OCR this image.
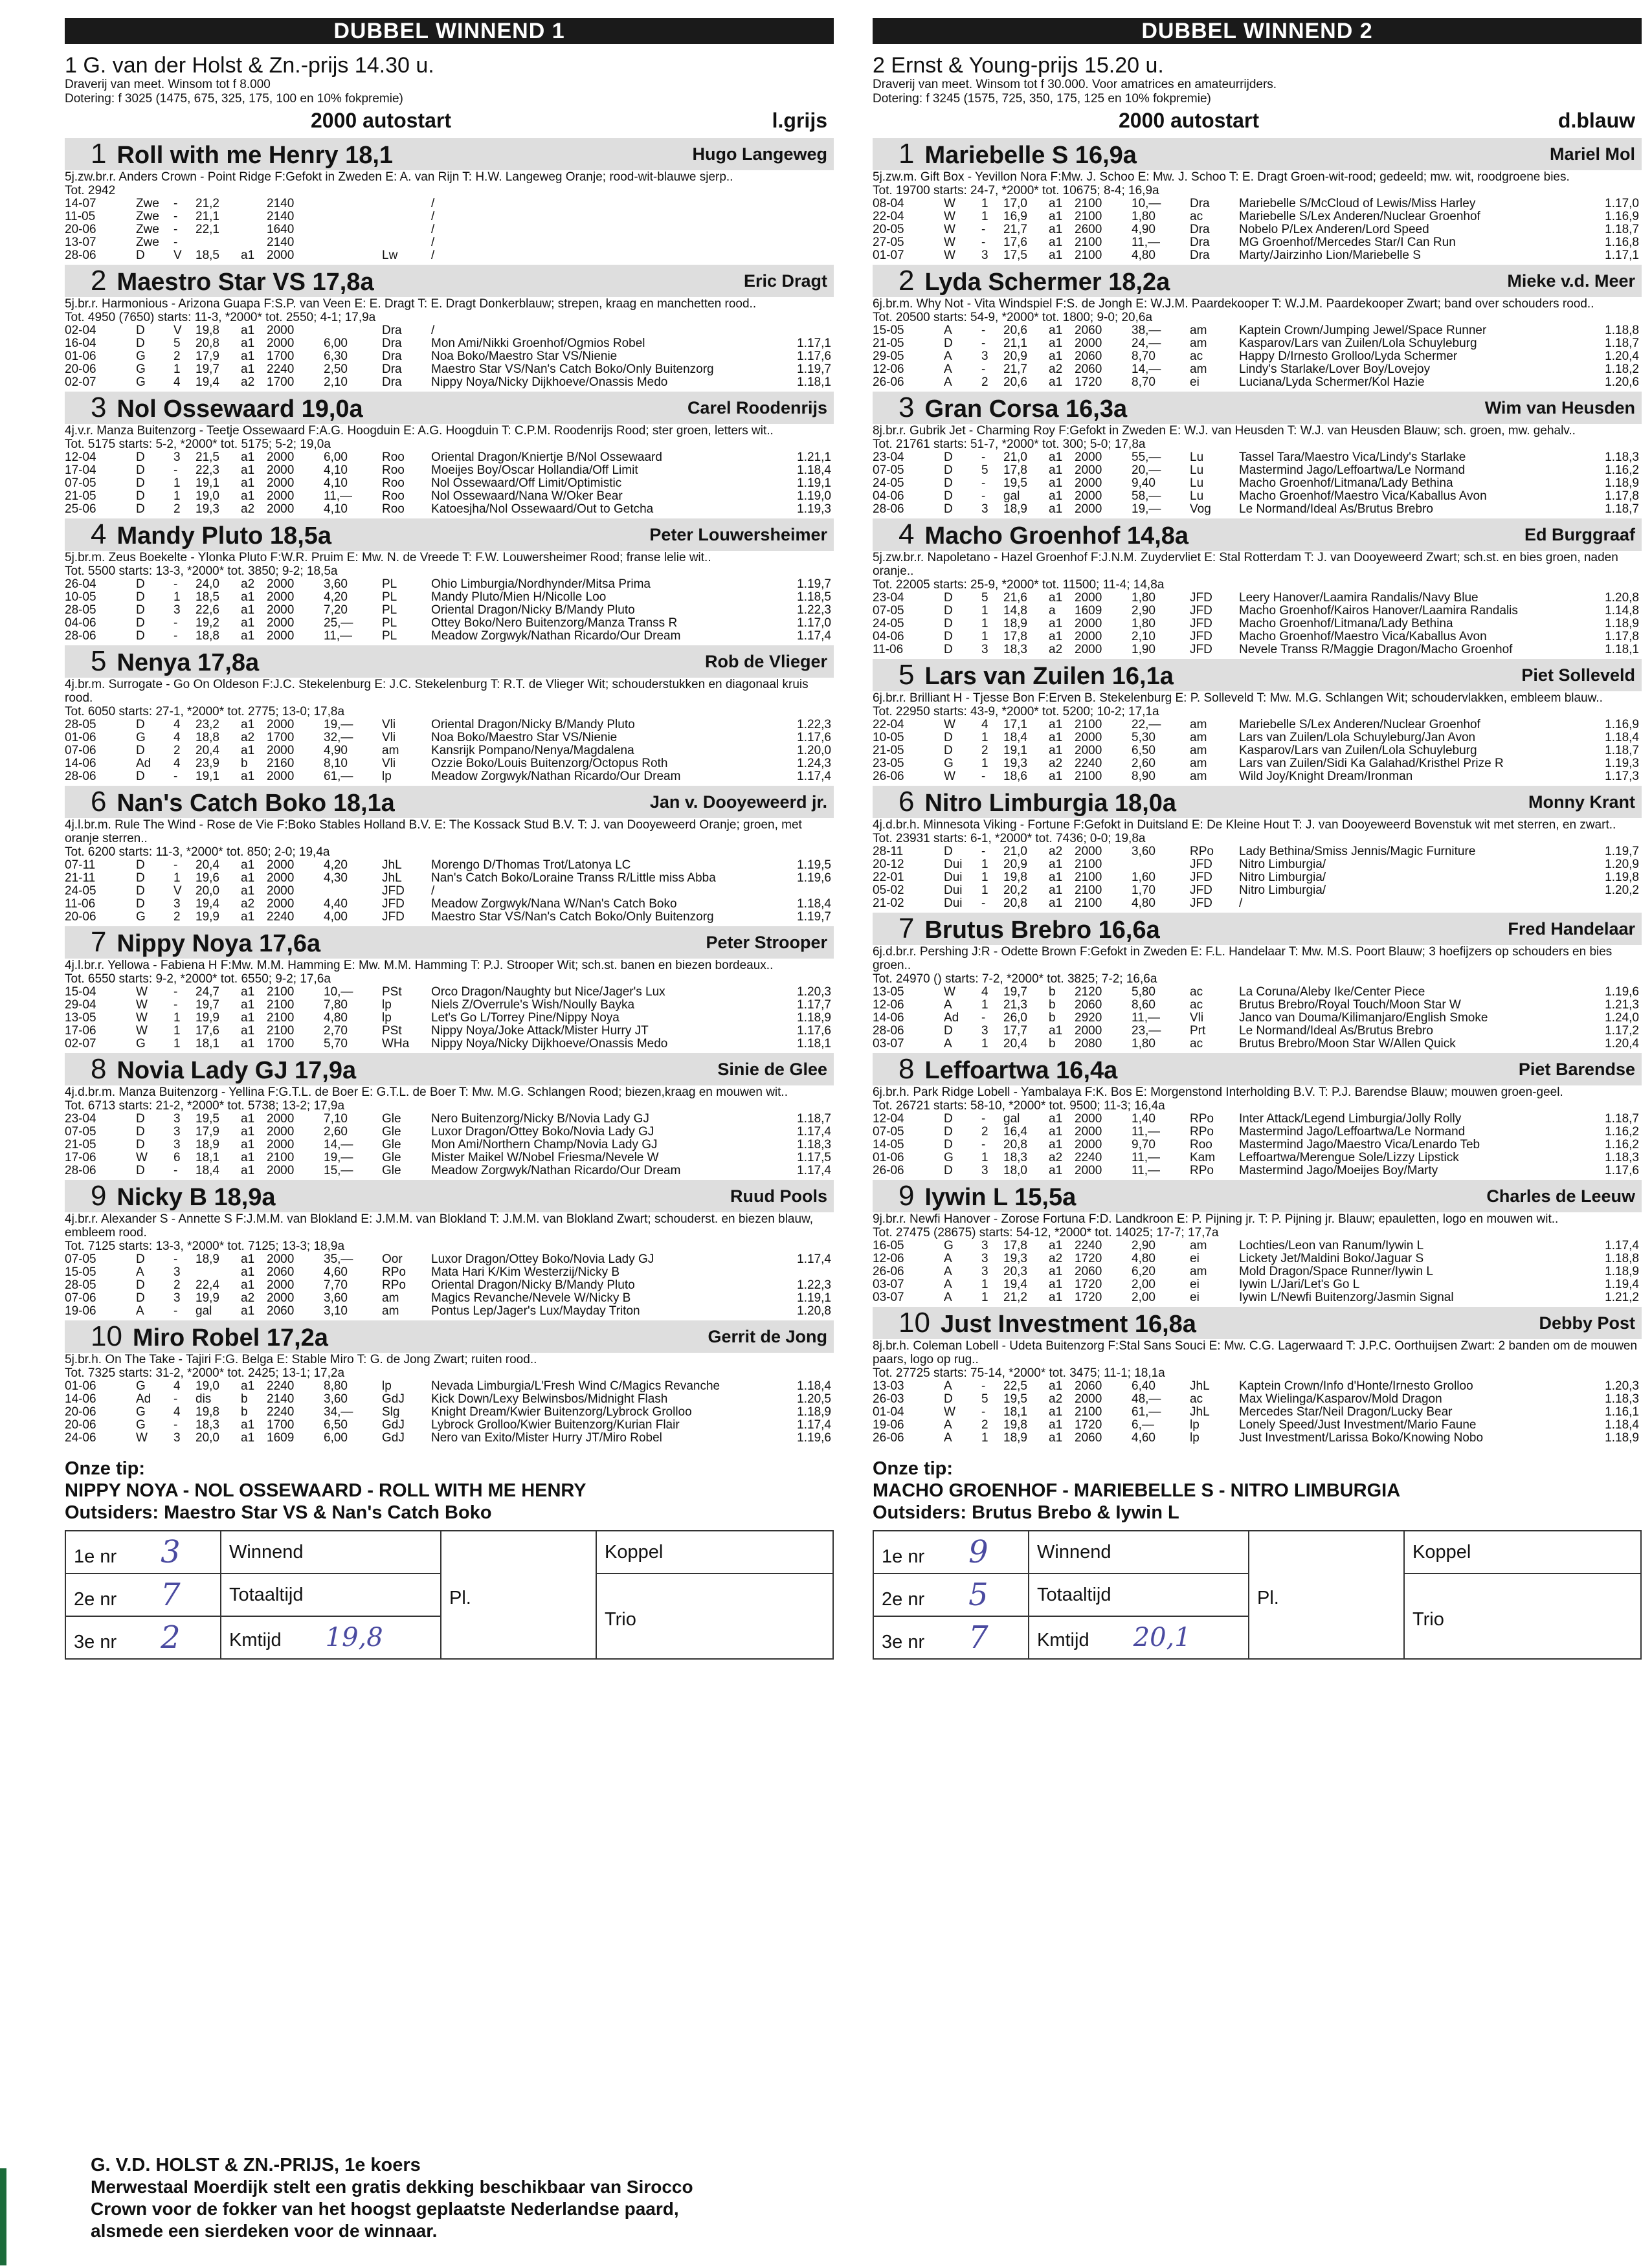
DUBBEL WINNEND 1
1 G. van der Holst & Zn.-prijs 14.30 u.
Draverij van meet. Winsom tot f 8.000
Dotering: f 3025 (1475, 675, 325, 175, 100 en 10% fokpremie)
2000 autostart	l.grijs
1 Roll with me Henry 18,1	Hugo Langeweg
5j.zw.br.r. Anders Crown - Point Ridge F:Gefokt in Zweden E: A. van Rijn T: H.W. Langeweg Oranje; rood-wit-blauwe sjerp..
Tot. 2942
14-07	Zwe	-	21,2		2140			/	
11-05	Zwe	-	21,1		2140			/	
20-06	Zwe	-	22,1		1640			/	
13-07	Zwe	-			2140			/	
28-06	D	V	18,5	a1	2000		Lw	/	
2 Maestro Star VS 17,8a	Eric Dragt
5j.br.r. Harmonious - Arizona Guapa F:S.P. van Veen E: E. Dragt T: E. Dragt Donkerblauw; strepen, kraag en manchetten rood..
Tot. 4950 (7650) starts: 11-3, *2000* tot. 2550; 4-1; 17,9a
02-04	D	V	19,8	a1	2000		Dra	/	
16-04	D	5	20,8	a1	2000	6,00	Dra	Mon Ami/Nikki Groenhof/Ogmios Robel	1.17,1
01-06	G	2	17,9	a1	1700	6,30	Dra	Noa Boko/Maestro Star VS/Nienie	1.17,6
20-06	G	1	19,7	a1	2240	2,50	Dra	Maestro Star VS/Nan's Catch Boko/Only Buitenzorg	1.19,7
02-07	G	4	19,4	a2	1700	2,10	Dra	Nippy Noya/Nicky Dijkhoeve/Onassis Medo	1.18,1
3 Nol Ossewaard 19,0a	Carel Roodenrijs
4j.v.r. Manza Buitenzorg - Teetje Ossewaard F:A.G. Hoogduin E: A.G. Hoogduin T: C.P.M. Roodenrijs Rood; ster groen, letters wit..
Tot. 5175 starts: 5-2, *2000* tot. 5175; 5-2; 19,0a
12-04	D	3	21,5	a1	2000	6,00	Roo	Oriental Dragon/Kniertje B/Nol Ossewaard	1.21,1
17-04	D	-	22,3	a1	2000	4,10	Roo	Moeijes Boy/Oscar Hollandia/Off Limit	1.18,4
07-05	D	1	19,1	a1	2000	4,10	Roo	Nol Ossewaard/Off Limit/Optimistic	1.19,1
21-05	D	1	19,0	a1	2000	11,—	Roo	Nol Ossewaard/Nana W/Oker Bear	1.19,0
25-06	D	2	19,3	a2	2000	4,10	Roo	Katoesjha/Nol Ossewaard/Out to Getcha	1.19,3
4 Mandy Pluto 18,5a	Peter Louwersheimer
5j.br.m. Zeus Boekelte - Ylonka Pluto F:W.R. Pruim E: Mw. N. de Vreede T: F.W. Louwersheimer Rood; franse lelie wit..
Tot. 5500 starts: 13-3, *2000* tot. 3850; 9-2; 18,5a
26-04	D	-	24,0	a2	2000	3,60	PL	Ohio Limburgia/Nordhynder/Mitsa Prima	1.19,7
10-05	D	1	18,5	a1	2000	4,20	PL	Mandy Pluto/Mien H/Nicolle Loo	1.18,5
28-05	D	3	22,6	a1	2000	7,20	PL	Oriental Dragon/Nicky B/Mandy Pluto	1.22,3
04-06	D	-	19,2	a1	2000	25,—	PL	Ottey Boko/Nero Buitenzorg/Manza Transs R	1.17,0
28-06	D	-	18,8	a1	2000	11,—	PL	Meadow Zorgwyk/Nathan Ricardo/Our Dream	1.17,4
5 Nenya 17,8a	Rob de Vlieger
4j.br.m. Surrogate - Go On Oldeson F:J.C. Stekelenburg E: J.C. Stekelenburg T: R.T. de Vlieger Wit; schouderstukken en diagonaal kruis rood.
Tot. 6050 starts: 27-1, *2000* tot. 2775; 13-0; 17,8a
28-05	D	4	23,2	a1	2000	19,—	Vli	Oriental Dragon/Nicky B/Mandy Pluto	1.22,3
01-06	G	4	18,8	a2	1700	32,—	Vli	Noa Boko/Maestro Star VS/Nienie	1.17,6
07-06	D	2	20,4	a1	2000	4,90	am	Kansrijk Pompano/Nenya/Magdalena	1.20,0
14-06	Ad	4	23,9	b	2160	8,10	Vli	Ozzie Boko/Louis Buitenzorg/Octopus Roth	1.24,3
28-06	D	-	19,1	a1	2000	61,—	lp	Meadow Zorgwyk/Nathan Ricardo/Our Dream	1.17,4
6 Nan's Catch Boko 18,1a	Jan v. Dooyeweerd jr.
4j.l.br.m. Rule The Wind - Rose de Vie F:Boko Stables Holland B.V. E: The Kossack Stud B.V. T: J. van Dooyeweerd Oranje; groen, met oranje sterren..
Tot. 6200 starts: 11-3, *2000* tot. 850; 2-0; 19,4a
07-11	D	-	20,4	a1	2000	4,20	JhL	Morengo D/Thomas Trot/Latonya LC	1.19,5
21-11	D	1	19,6	a1	2000	4,30	JhL	Nan's Catch Boko/Loraine Transs R/Little miss Abba	1.19,6
24-05	D	V	20,0	a1	2000		JFD	/	
11-06	D	3	19,4	a2	2000	4,40	JFD	Meadow Zorgwyk/Nana W/Nan's Catch Boko	1.18,4
20-06	G	2	19,9	a1	2240	4,00	JFD	Maestro Star VS/Nan's Catch Boko/Only Buitenzorg	1.19,7
7 Nippy Noya 17,6a	Peter Strooper
4j.l.br.r. Yellowa - Fabiena H F:Mw. M.M. Hamming E: Mw. M.M. Hamming T: P.J. Strooper Wit; sch.st. banen en biezen bordeaux..
Tot. 6550 starts: 9-2, *2000* tot. 6550; 9-2; 17,6a
15-04	W	-	24,7	a1	2100	10,—	PSt	Orco Dragon/Naughty but Nice/Jager's Lux	1.20,3
29-04	W	-	19,7	a1	2100	7,80	lp	Niels Z/Overrule's Wish/Noully Bayka	1.17,7
13-05	W	1	19,9	a1	2100	4,80	lp	Let's Go L/Torrey Pine/Nippy Noya	1.18,9
17-06	W	1	17,6	a1	2100	2,70	PSt	Nippy Noya/Joke Attack/Mister Hurry JT	1.17,6
02-07	G	1	18,1	a1	1700	5,70	WHa	Nippy Noya/Nicky Dijkhoeve/Onassis Medo	1.18,1
8 Novia Lady GJ 17,9a	Sinie de Glee
4j.d.br.m. Manza Buitenzorg - Yellina F:G.T.L. de Boer E: G.T.L. de Boer T: Mw. M.G. Schlangen Rood; biezen,kraag en mouwen wit..
Tot. 6713 starts: 21-2, *2000* tot. 5738; 13-2; 17,9a
23-04	D	3	19,5	a1	2000	7,10	Gle	Nero Buitenzorg/Nicky B/Novia Lady GJ	1.18,7
07-05	D	3	17,9	a1	2000	2,60	Gle	Luxor Dragon/Ottey Boko/Novia Lady GJ	1.17,4
21-05	D	3	18,9	a1	2000	14,—	Gle	Mon Ami/Northern Champ/Novia Lady GJ	1.18,3
17-06	W	6	18,1	a1	2100	19,—	Gle	Mister Maikel W/Nobel Friesma/Nevele W	1.17,5
28-06	D	-	18,4	a1	2000	15,—	Gle	Meadow Zorgwyk/Nathan Ricardo/Our Dream	1.17,4
9 Nicky B 18,9a	Ruud Pools
4j.br.r. Alexander S - Annette S F:J.M.M. van Blokland E: J.M.M. van Blokland T: J.M.M. van Blokland Zwart; schouderst. en biezen blauw, embleem rood.
Tot. 7125 starts: 13-3, *2000* tot. 7125; 13-3; 18,9a
07-05	D	-	18,9	a1	2000	35,—	Oor	Luxor Dragon/Ottey Boko/Novia Lady GJ	1.17,4
15-05	A	3		a1	2060	4,60	RPo	Mata Hari K/Kim Westerzij/Nicky B	
28-05	D	2	22,4	a1	2000	7,70	RPo	Oriental Dragon/Nicky B/Mandy Pluto	1.22,3
07-06	D	3	19,9	a2	2000	3,60	am	Magics Revanche/Nevele W/Nicky B	1.19,1
19-06	A	-	gal	a1	2060	3,10	am	Pontus Lep/Jager's Lux/Mayday Triton	1.20,8
10 Miro Robel 17,2a	Gerrit de Jong
5j.br.h. On The Take - Tajiri F:G. Belga E: Stable Miro T: G. de Jong Zwart; ruiten rood..
Tot. 7325 starts: 31-2, *2000* tot. 2425; 13-1; 17,2a
01-06	G	4	19,0	a1	2240	8,80	lp	Nevada Limburgia/L'Fresh Wind C/Magics Revanche	1.18,4
14-06	Ad	-	dis	b	2140	3,60	GdJ	Kick Down/Lexy Belwinsbos/Midnight Flash	1.20,5
20-06	G	4	19,8	b	2240	34,—	Slg	Knight Dream/Kwier Buitenzorg/Lybrock Grolloo	1.18,9
20-06	G	-	18,3	a1	1700	6,50	GdJ	Lybrock Grolloo/Kwier Buitenzorg/Kurian Flair	1.17,4
24-06	W	3	20,0	a1	1609	6,00	GdJ	Nero van Exito/Mister Hurry JT/Miro Robel	1.19,6
Onze tip:
NIPPY NOYA - NOL OSSEWAARD - ROLL WITH ME HENRY
Outsiders: Maestro Star VS & Nan's Catch Boko
1e nr 3	Winnend	Pl.	Koppel
2e nr 7	Totaaltijd		Trio

3e nr 2	Kmtijd 19,8		
DUBBEL WINNEND 2
2 Ernst & Young-prijs 15.20 u.
Draverij van meet. Winsom tot f 30.000. Voor amatrices en amateurrijders.
Dotering: f 3245 (1575, 725, 350, 175, 125 en 10% fokpremie)
2000 autostart	d.blauw
1 Mariebelle S 16,9a	Mariel Mol
5j.zw.m. Gift Box - Yevillon Nora F:Mw. J. Schoo E: Mw. J. Schoo T: E. Dragt Groen-wit-rood; gedeeld; mw. wit, roodgroene bies.
Tot. 19700 starts: 24-7, *2000* tot. 10675; 8-4; 16,9a
08-04	W	1	17,0	a1	2100	10,—	Dra	Mariebelle S/McCloud of Lewis/Miss Harley	1.17,0
22-04	W	1	16,9	a1	2100	1,80	ac	Mariebelle S/Lex Anderen/Nuclear Groenhof	1.16,9
20-05	W	-	21,7	a1	2600	4,90	Dra	Nobelo P/Lex Anderen/Lord Speed	1.18,7
27-05	W	-	17,6	a1	2100	11,—	Dra	MG Groenhof/Mercedes Star/I Can Run	1.16,8
01-07	W	3	17,5	a1	2100	4,80	Dra	Marty/Jairzinho Lion/Mariebelle S	1.17,1
2 Lyda Schermer 18,2a	Mieke v.d. Meer
6j.br.m. Why Not - Vita Windspiel F:S. de Jongh E: W.J.M. Paardekooper T: W.J.M. Paardekooper Zwart; band over schouders rood..
Tot. 20500 starts: 54-9, *2000* tot. 1800; 9-0; 20,6a
15-05	A	-	20,6	a1	2060	38,—	am	Kaptein Crown/Jumping Jewel/Space Runner	1.18,8
21-05	D	-	21,1	a1	2000	24,—	am	Kasparov/Lars van Zuilen/Lola Schuyleburg	1.18,7
29-05	A	3	20,9	a1	2060	8,70	ac	Happy D/Irnesto Grolloo/Lyda Schermer	1.20,4
12-06	A	-	21,7	a2	2060	14,—	am	Lindy's Starlake/Lover Boy/Lovejoy	1.18,2
26-06	A	2	20,6	a1	1720	8,70	ei	Luciana/Lyda Schermer/Kol Hazie	1.20,6
3 Gran Corsa 16,3a	Wim van Heusden
8j.br.r. Gubrik Jet - Charming Roy F:Gefokt in Zweden E: W.J. van Heusden T: W.J. van Heusden Blauw; sch. groen, mw. gehalv..
Tot. 21761 starts: 51-7, *2000* tot. 300; 5-0; 17,8a
23-04	D	-	21,0	a1	2000	55,—	Lu	Tassel Tara/Maestro Vica/Lindy's Starlake	1.18,3
07-05	D	5	17,8	a1	2000	20,—	Lu	Mastermind Jago/Leffoartwa/Le Normand	1.16,2
24-05	D	-	19,5	a1	2000	9,40	Lu	Macho Groenhof/Litmana/Lady Bethina	1.18,9
04-06	D	-	gal	a1	2000	58,—	Lu	Macho Groenhof/Maestro Vica/Kaballus Avon	1.17,8
28-06	D	3	18,9	a1	2000	19,—	Vog	Le Normand/Ideal As/Brutus Brebro	1.18,7
4 Macho Groenhof 14,8a	Ed Burggraaf
5j.zw.br.r. Napoletano - Hazel Groenhof F:J.N.M. Zuydervliet E: Stal Rotterdam T: J. van Dooyeweerd Zwart; sch.st. en bies groen, naden oranje..
Tot. 22005 starts: 25-9, *2000* tot. 11500; 11-4; 14,8a
23-04	D	5	21,6	a1	2000	1,80	JFD	Leery Hanover/Laamira Randalis/Navy Blue	1.20,8
07-05	D	1	14,8	a	1609	2,90	JFD	Macho Groenhof/Kairos Hanover/Laamira Randalis	1.14,8
24-05	D	1	18,9	a1	2000	1,80	JFD	Macho Groenhof/Litmana/Lady Bethina	1.18,9
04-06	D	1	17,8	a1	2000	2,10	JFD	Macho Groenhof/Maestro Vica/Kaballus Avon	1.17,8
11-06	D	3	18,3	a2	2000	1,90	JFD	Nevele Transs R/Maggie Dragon/Macho Groenhof	1.18,1
5 Lars van Zuilen 16,1a	Piet Solleveld
6j.br.r. Brilliant H - Tjesse Bon F:Erven B. Stekelenburg E: P. Solleveld T: Mw. M.G. Schlangen Wit; schoudervlakken, embleem blauw..
Tot. 22950 starts: 43-9, *2000* tot. 5200; 10-2; 17,1a
22-04	W	4	17,1	a1	2100	22,—	am	Mariebelle S/Lex Anderen/Nuclear Groenhof	1.16,9
10-05	D	1	18,4	a1	2000	5,30	am	Lars van Zuilen/Lola Schuyleburg/Jan Avon	1.18,4
21-05	D	2	19,1	a1	2000	6,50	am	Kasparov/Lars van Zuilen/Lola Schuyleburg	1.18,7
23-05	G	1	19,3	a2	2240	2,60	am	Lars van Zuilen/Sidi Ka Galahad/Kristhel Prize R	1.19,3
26-06	W	-	18,6	a1	2100	8,90	am	Wild Joy/Knight Dream/Ironman	1.17,3
6 Nitro Limburgia 18,0a	Monny Krant
4j.d.br.h. Minnesota Viking - Fortune F:Gefokt in Duitsland E: De Kleine Hout T: J. van Dooyeweerd Bovenstuk wit met sterren, en zwart..
Tot. 23931 starts: 6-1, *2000* tot. 7436; 0-0; 19,8a
28-11	D	-	21,0	a2	2000	3,60	RPo	Lady Bethina/Smiss Jennis/Magic Furniture	1.19,7
20-12	Dui	1	20,9	a1	2100		JFD	Nitro Limburgia/	1.20,9
22-01	Dui	1	19,8	a1	2100	1,60	JFD	Nitro Limburgia/	1.19,8
05-02	Dui	1	20,2	a1	2100	1,70	JFD	Nitro Limburgia/	1.20,2
21-02	Dui	-	20,8	a1	2100	4,80	JFD	/	
7 Brutus Brebro 16,6a	Fred Handelaar
6j.d.br.r. Pershing J:R - Odette Brown F:Gefokt in Zweden E: F.L. Handelaar T: Mw. M.S. Poort Blauw; 3 hoefijzers op schouders en bies groen..
Tot. 24970 () starts: 7-2, *2000* tot. 3825; 7-2; 16,6a
13-05	W	4	19,7	b	2120	5,80	ac	La Coruna/Aleby Ike/Center Piece	1.19,6
12-06	A	1	21,3	b	2060	8,60	ac	Brutus Brebro/Royal Touch/Moon Star W	1.21,3
14-06	Ad	-	26,0	b	2920	11,—	Vli	Janco van Douma/Kilimanjaro/English Smoke	1.24,0
28-06	D	3	17,7	a1	2000	23,—	Prt	Le Normand/Ideal As/Brutus Brebro	1.17,2
03-07	A	1	20,4	b	2080	1,80	ac	Brutus Brebro/Moon Star W/Allen Quick	1.20,4
8 Leffoartwa 16,4a	Piet Barendse
6j.br.h. Park Ridge Lobell - Yambalaya F:K. Bos E: Morgenstond Interholding B.V. T: P.J. Barendse Blauw; mouwen groen-geel.
Tot. 26721 starts: 58-10, *2000* tot. 9500; 11-3; 16,4a
12-04	D	-	gal	a1	2000	1,40	RPo	Inter Attack/Legend Limburgia/Jolly Rolly	1.18,7
07-05	D	2	16,4	a1	2000	11,—	RPo	Mastermind Jago/Leffoartwa/Le Normand	1.16,2
14-05	D	-	20,8	a1	2000	9,70	Roo	Mastermind Jago/Maestro Vica/Lenardo Teb	1.16,2
01-06	G	1	18,3	a2	2240	11,—	Kam	Leffoartwa/Merengue Sole/Lizzy Lipstick	1.18,3
26-06	D	3	18,0	a1	2000	11,—	RPo	Mastermind Jago/Moeijes Boy/Marty	1.17,6
9 Iywin L 15,5a	Charles de Leeuw
9j.br.r. Newfi Hanover - Zorose Fortuna F:D. Landkroon E: P. Pijning jr. T: P. Pijning jr. Blauw; epauletten, logo en mouwen wit..
Tot. 27475 (28675) starts: 54-12, *2000* tot. 14025; 17-7; 17,7a
16-05	G	3	17,8	a1	2240	2,90	am	Lochties/Leon van Ranum/Iywin L	1.17,4
12-06	A	3	19,3	a2	1720	4,80	ei	Lickety Jet/Maldini Boko/Jaguar S	1.18,8
26-06	A	3	20,3	a1	2060	6,20	am	Mold Dragon/Space Runner/Iywin L	1.18,9
03-07	A	1	19,4	a1	1720	2,00	ei	Iywin L/Jari/Let's Go L	1.19,4
03-07	A	1	21,2	a1	1720	2,00	ei	Iywin L/Newfi Buitenzorg/Jasmin Signal	1.21,2
10 Just Investment 16,8a	Debby Post
8j.br.h. Coleman Lobell - Udeta Buitenzorg F:Stal Sans Souci E: Mw. C.G. Lagerwaard T: J.P.C. Oorthuijsen Zwart: 2 banden om de mouwen paars, logo op rug..
Tot. 27725 starts: 75-14, *2000* tot. 3475; 11-1; 18,1a
13-03	A	-	22,5	a1	2060	6,40	JhL	Kaptein Crown/Info d'Honte/Irnesto Grolloo	1.20,3
26-03	D	5	19,5	a2	2000	48,—	ac	Max Wielinga/Kasparov/Mold Dragon	1.18,3
01-04	W	-	18,1	a1	2100	61,—	JhL	Mercedes Star/Neil Dragon/Lucky Bear	1.16,1
19-06	A	2	19,8	a1	1720	6,—	lp	Lonely Speed/Just Investment/Mario Faune	1.18,4
26-06	A	1	18,9	a1	2060	4,60	lp	Just Investment/Larissa Boko/Knowing Nobo	1.18,9
Onze tip:
MACHO GROENHOF - MARIEBELLE S - NITRO LIMBURGIA
Outsiders: Brutus Brebo & Iywin L
1e nr 9	Winnend	Pl.	Koppel
2e nr 5	Totaaltijd		Trio

3e nr 7	Kmtijd 20,1		
G. V.D. HOLST & ZN.-PRIJS, 1e koers
Merwestaal Moerdijk stelt een gratis dekking beschikbaar van Sirocco
Crown voor de fokker van het hoogst geplaatste Nederlandse paard,
alsmede een sierdeken voor de winnaar.
